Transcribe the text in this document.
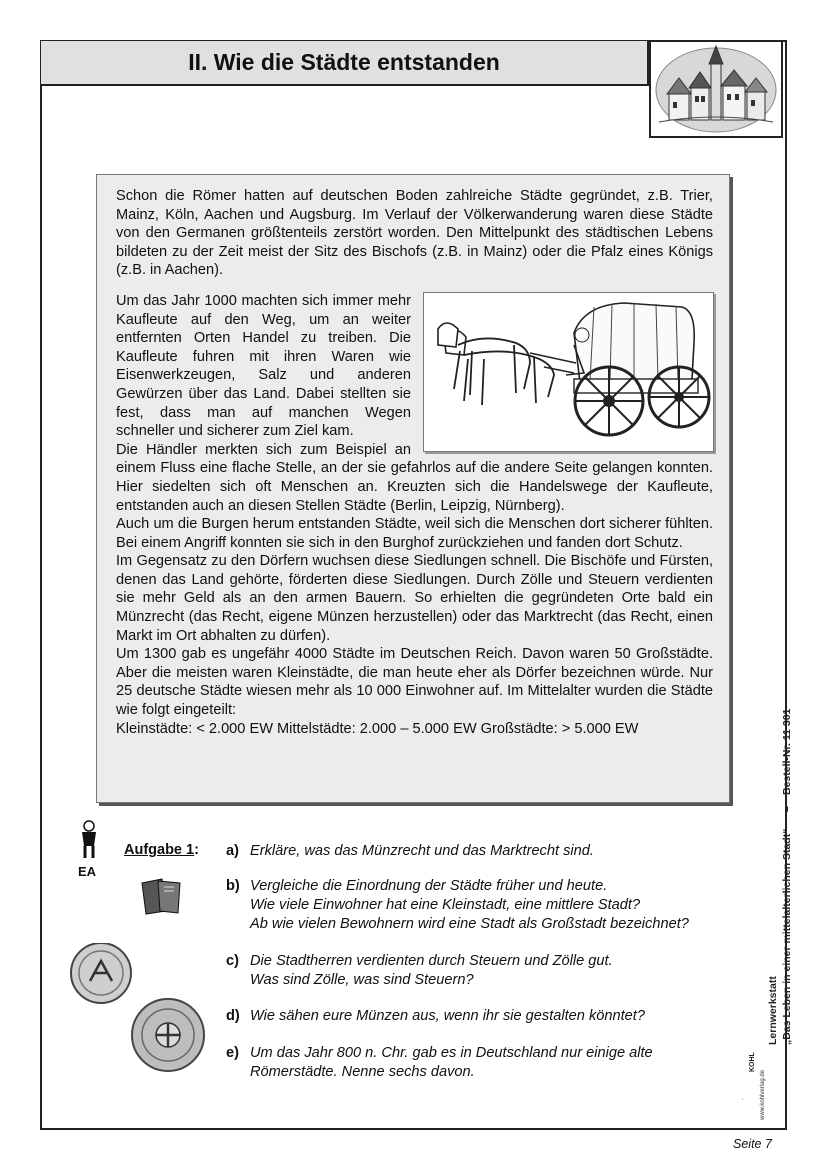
II. Wie die Städte entstanden

Schon die Römer hatten auf deutschen Boden zahlreiche Städte gegründet, z.B. Trier, Mainz, Köln, Aachen und Augsburg. Im Verlauf der Völkerwanderung waren diese Städte von den Germanen größtenteils zerstört worden. Den Mittelpunkt des städtischen Lebens bildeten zu der Zeit meist der Sitz des Bischofs (z.B. in Mainz) oder die Pfalz eines Königs (z.B. in Aachen).

Um das Jahr 1000 machten sich immer mehr Kaufleute auf den Weg, um an weiter entfernten Orten Handel zu treiben. Die Kaufleute fuhren mit ihren Waren wie Eisenwerkzeugen, Salz und anderen Gewürzen über das Land. Dabei stellten sie fest, dass man auf manchen Wegen schneller und sicherer zum Ziel kam.

Die Händler merkten sich zum Beispiel an einem Fluss eine flache Stelle, an der sie gefahrlos auf die andere Seite gelangen konnten. Hier siedelten sich oft Menschen an. Kreuzten sich die Handelswege der Kaufleute, entstanden auch an diesen Stellen Städte (Berlin, Leipzig, Nürnberg).

Auch um die Burgen herum entstanden Städte, weil sich die Menschen dort sicherer fühlten. Bei einem Angriff konnten sie sich in den Burghof zurückziehen und fanden dort Schutz.

Im Gegensatz zu den Dörfern wuchsen diese Siedlungen schnell. Die Bischöfe und Fürsten, denen das Land gehörte, förderten diese Siedlungen. Durch Zölle und Steuern verdienten sie mehr Geld als an den armen Bauern. So erhielten die gegründeten Orte bald ein Münzrecht (das Recht, eigene Münzen herzustellen) oder das Marktrecht (das Recht, einen Markt im Ort abhalten zu dürfen).

Um 1300 gab es ungefähr 4000 Städte im Deutschen Reich. Davon waren 50 Großstädte. Aber die meisten waren Kleinstädte, die man heute eher als Dörfer bezeichnen würde. Nur 25 deutsche Städte wiesen mehr als 10 000 Einwohner auf. Im Mittelalter wurden die Städte wie folgt eingeteilt:

Kleinstädte: < 2.000 EW Mittelstädte: 2.000 – 5.000 EW Großstädte: > 5.000 EW

EA
Aufgabe 1: a) Erkläre, was das Münzrecht und das Marktrecht sind.
b) Vergleiche die Einordnung der Städte früher und heute.
Wie viele Einwohner hat eine Kleinstadt, eine mittlere Stadt?
Ab wie vielen Bewohnern wird eine Stadt als Großstadt bezeichnet?
c) Die Stadtherren verdienten durch Steuern und Zölle gut.
Was sind Zölle, was sind Steuern?
d) Wie sähen eure Münzen aus, wenn ihr sie gestalten könntet?
e) Um das Jahr 800 n. Chr. gab es in Deutschland nur einige alte
Römerstädte. Nenne sechs davon.
Bestell-Nr. 11 301
–
„Das Leben in einer mittelalterlichen Stadt“
Lernwerkstatt
www.kohlverlag.de
KOHL
Seite 7
